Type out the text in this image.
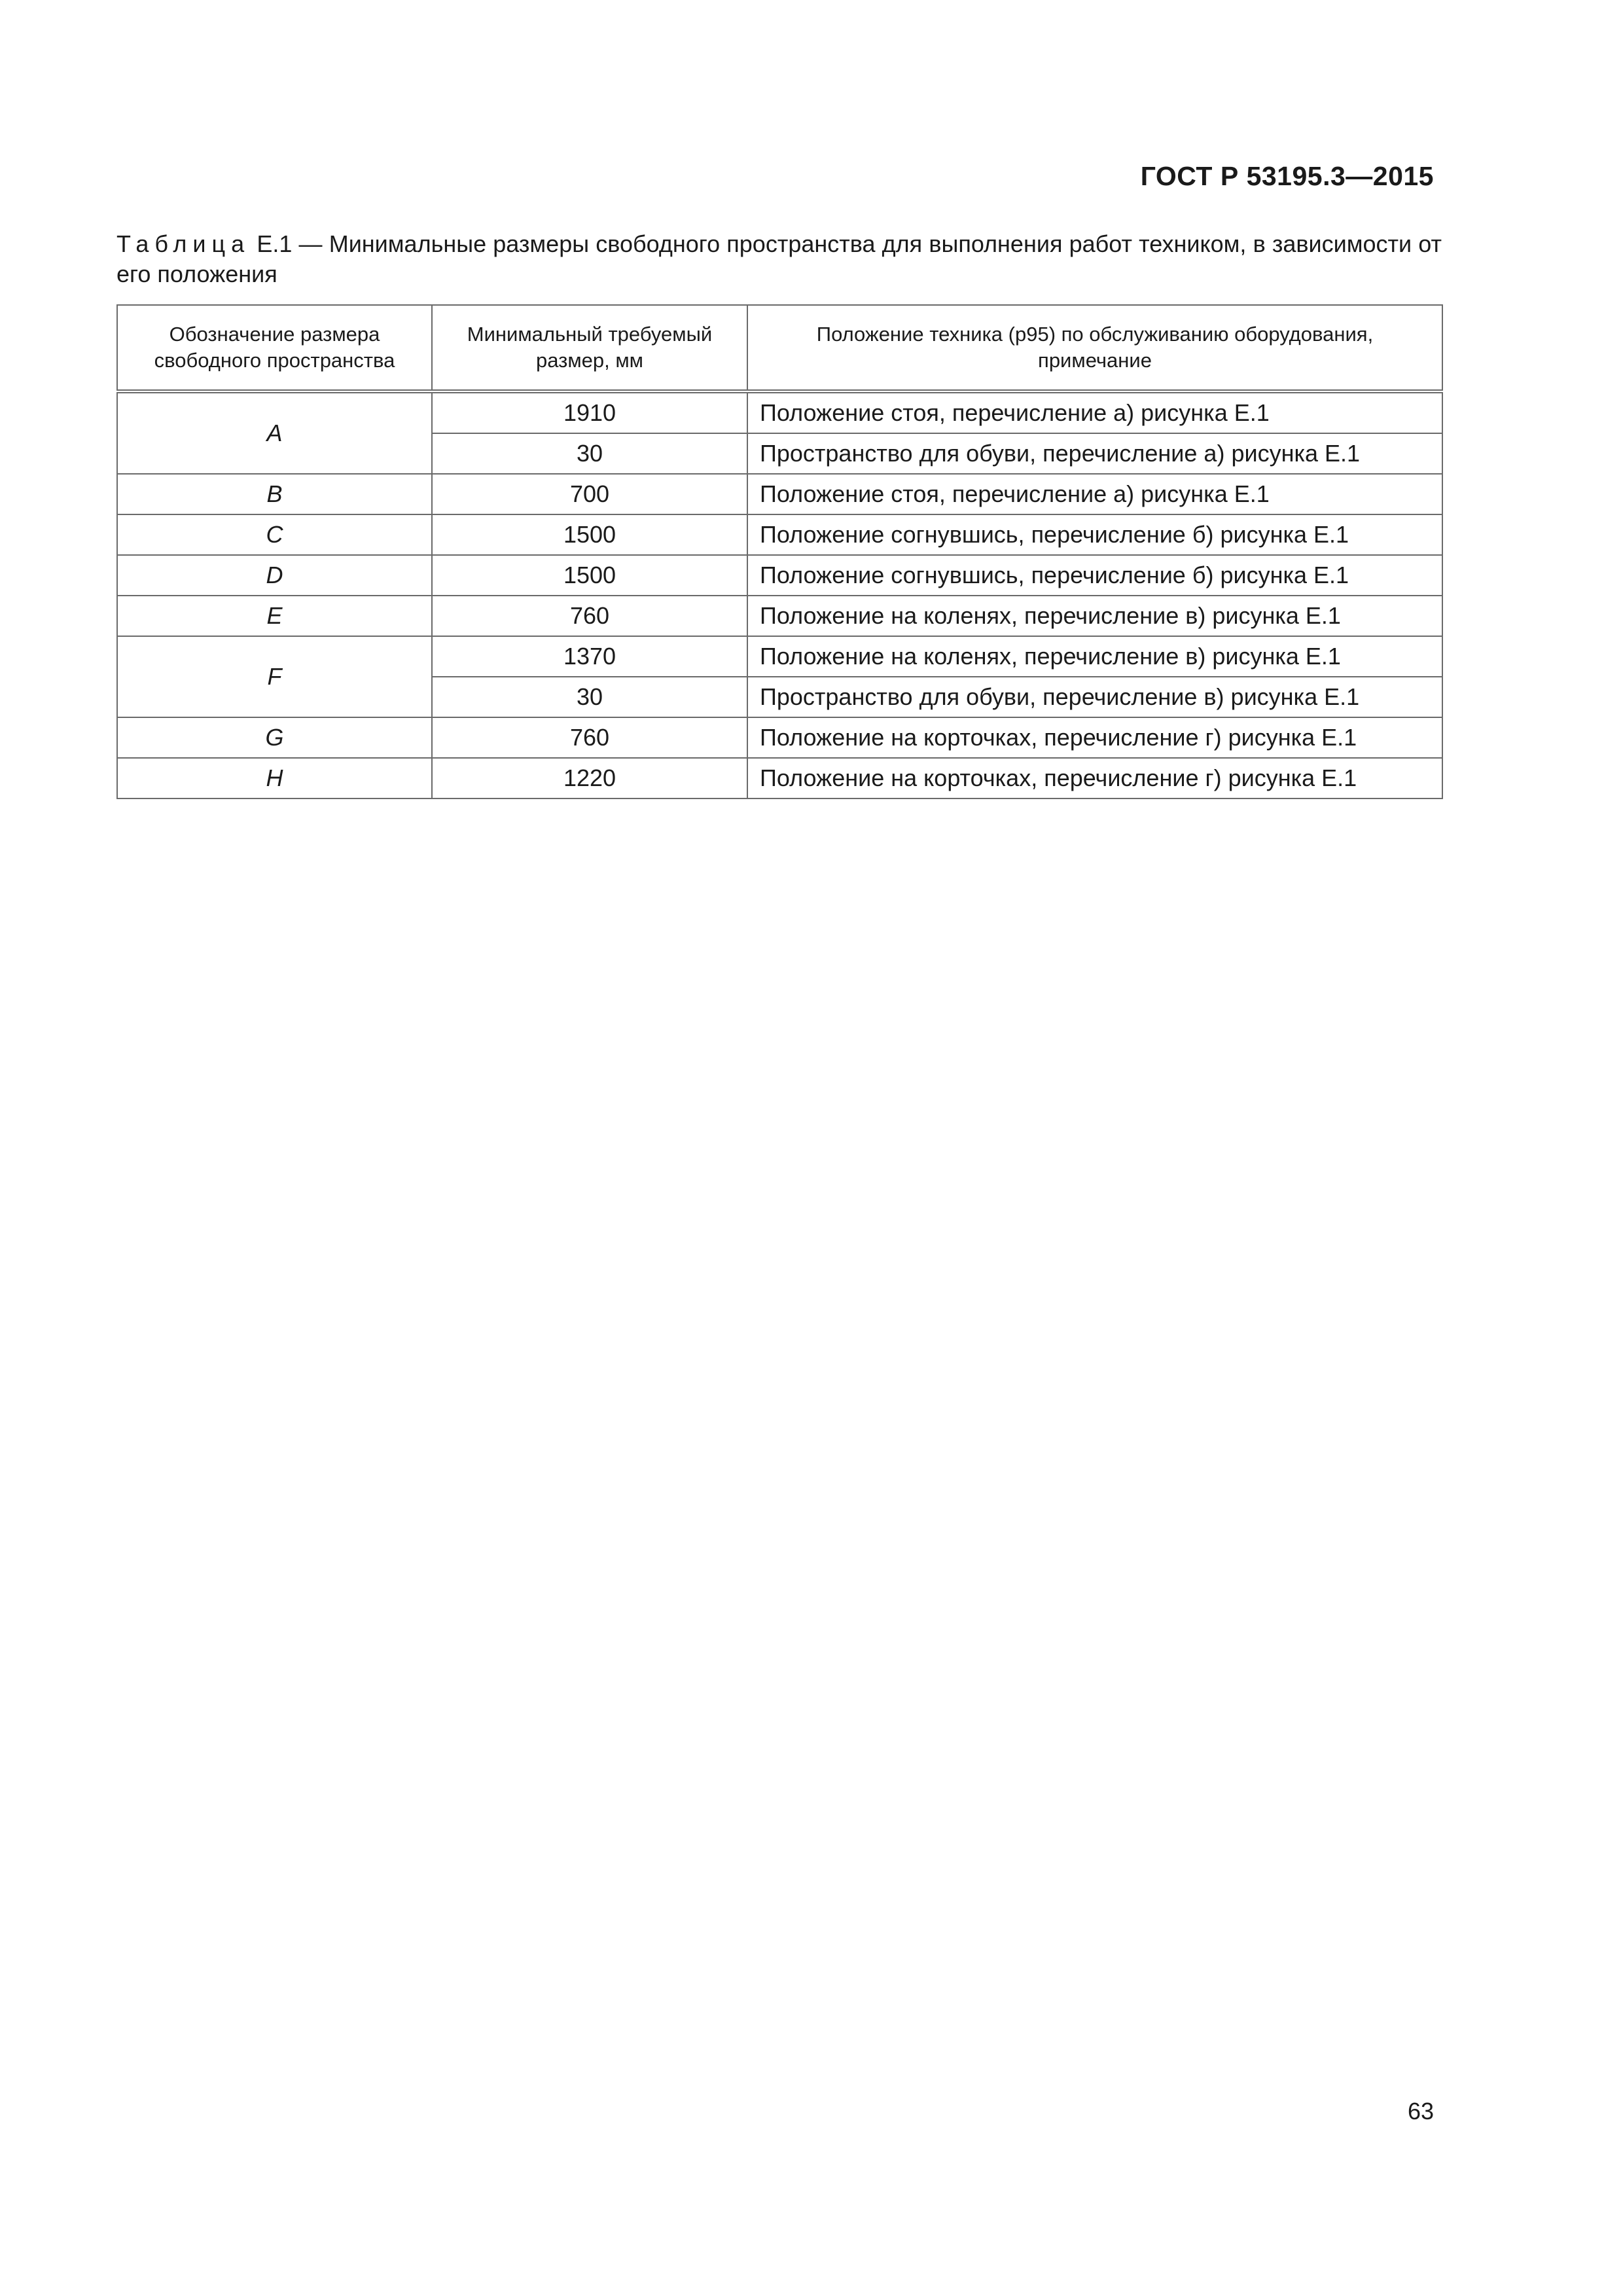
ГОСТ Р 53195.3—2015

Таблица Е.1 — Минимальные размеры свободного пространства для выполнения работ техником, в зависимости от его положения

Обозначение размера свободного пространства	Минимальный требуемый размер, мм	Положение техника (р95) по обслуживанию оборудования, примечание
A	1910	Положение стоя, перечисление а) рисунка Е.1
	30	Пространство для обуви, перечисление а) рисунка Е.1
B	700	Положение стоя, перечисление а) рисунка Е.1
C	1500	Положение согнувшись, перечисление б) рисунка Е.1
D	1500	Положение согнувшись, перечисление б) рисунка Е.1
E	760	Положение на коленях, перечисление в) рисунка Е.1
F	1370	Положение на коленях, перечисление в) рисунка Е.1
	30	Пространство для обуви, перечисление в) рисунка Е.1
G	760	Положение на корточках, перечисление г) рисунка Е.1
H	1220	Положение на корточках, перечисление г) рисунка Е.1
63
